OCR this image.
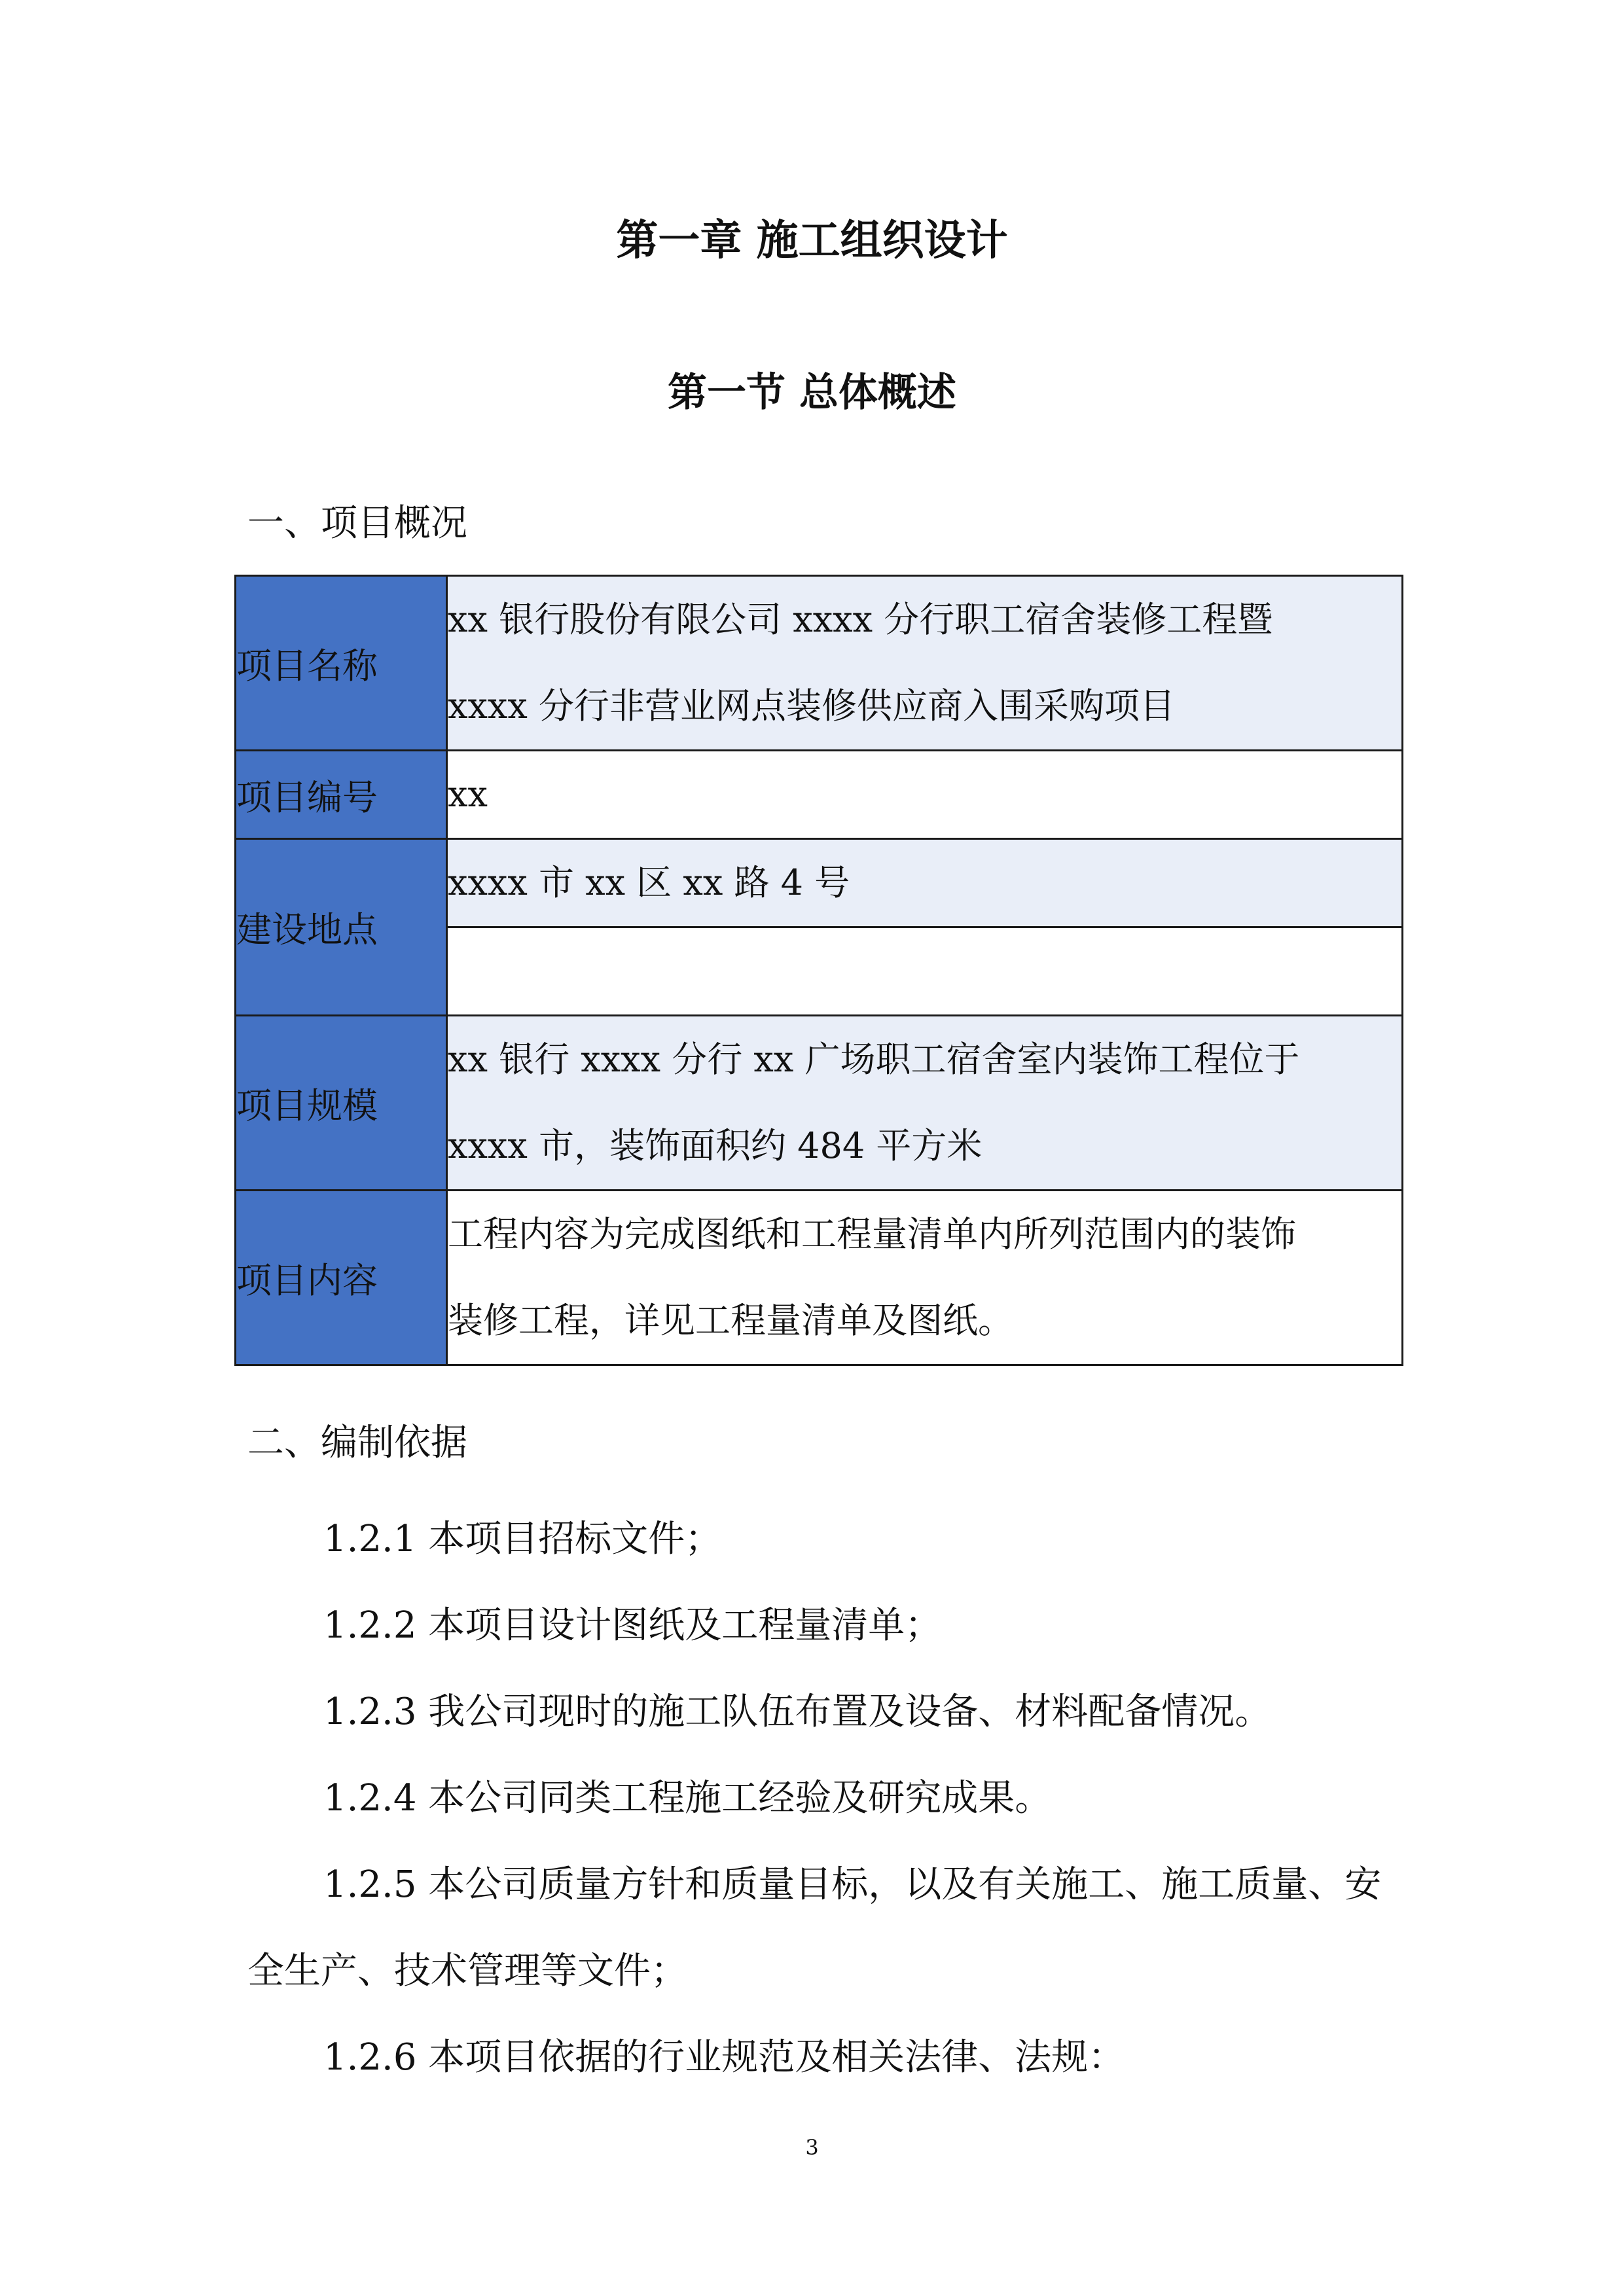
第一章 施工组织设计
第一节 总体概述
一、项目概况
项目名称	xx 银行股份有限公司 xxxx 分行职工宿舍装修工程暨
xxxx 分行非营业网点装修供应商入围采购项目

项目编号	xx
建设地点	xxxx 市 xx 区 xx 路 4 号

项目规模	xx 银行 xxxx 分行 xx 广场职工宿舍室内装饰工程位于
xxxx 市，装饰面积约 484 平方米

项目内容	工程内容为完成图纸和工程量清单内所列范围内的装饰
装修工程，详见工程量清单及图纸。
二、编制依据
1.2.1 本项目招标文件；
1.2.2 本项目设计图纸及工程量清单；
1.2.3 我公司现时的施工队伍布置及设备、材料配备情况。
1.2.4 本公司同类工程施工经验及研究成果。
1.2.5 本公司质量方针和质量目标，以及有关施工、施工质量、安全生产、技术管理等文件；
1.2.6 本项目依据的行业规范及相关法律、法规：
3
